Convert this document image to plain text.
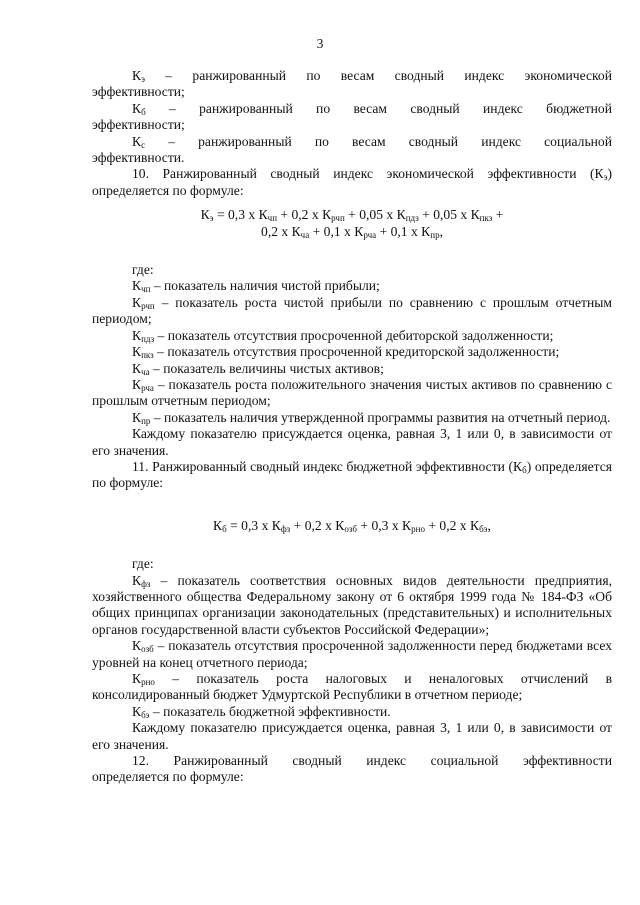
3

$К_э$ – ранжированный по весам сводный индекс экономической

эффективности;

$К_б$ – ранжированный по весам сводный индекс бюджетной

эффективности;

$К_с$ – ранжированный по весам сводный индекс социальной

эффективности.

10. Ранжированный сводный индекс экономической эффективности $(К_э)$ определяется по формуле:

$К_э = 0,3$ х $К_{чп} + 0,2$ х $К_{рчп} + 0,05$ х $К_{пдз} + 0,05$ х $К_{пкз}$ +

0,2 х $К_{ча} + 0,1$ х $К_{рча} + 0,1$ х $К_{пр}$,

где:

$К_{чп}$ – показатель наличия чистой прибыли;

$К_{рчп}$ – показатель роста чистой прибыли по сравнению с прошлым отчетным периодом;

$К_{пдз}$ – показатель отсутствия просроченной дебиторской задолженности;

$К_{пкз}$ – показатель отсутствия просроченной кредиторской задолженности;

$К_{ча}$ – показатель величины чистых активов;

$К_{рча}$ – показатель роста положительного значения чистых активов по сравнению с прошлым отчетным периодом;

$К_{пр}$ – показатель наличия утвержденной программы развития на отчетный период.

Каждому показателю присуждается оценка, равная 3, 1 или 0, в зависимости от его значения.

11. Ранжированный сводный индекс бюджетной эффективности $(К_б)$ определяется по формуле:

$К_б = 0,3$ х $К_{фз} + 0,2$ х $К_{озб} + 0,3$ х $К_{рно} + 0,2$ х $К_{бэ}$,

где:

$К_{фз}$ – показатель соответствия основных видов деятельности предприятия, хозяйственного общества Федеральному закону от 6 октября 1999 года № 184-ФЗ «Об общих принципах организации законодательных (представительных) и исполнительных органов государственной власти субъектов Российской Федерации»;

$К_{озб}$ – показатель отсутствия просроченной задолженности перед бюджетами всех уровней на конец отчетного периода;

$К_{рно}$ – показатель роста налоговых и неналоговых отчислений в консолидированный бюджет Удмуртской Республики в отчетном периоде;

$К_{бэ}$ – показатель бюджетной эффективности.

Каждому показателю присуждается оценка, равная 3, 1 или 0, в зависимости от его значения.

12. Ранжированный сводный индекс социальной эффективности

определяется по формуле:
